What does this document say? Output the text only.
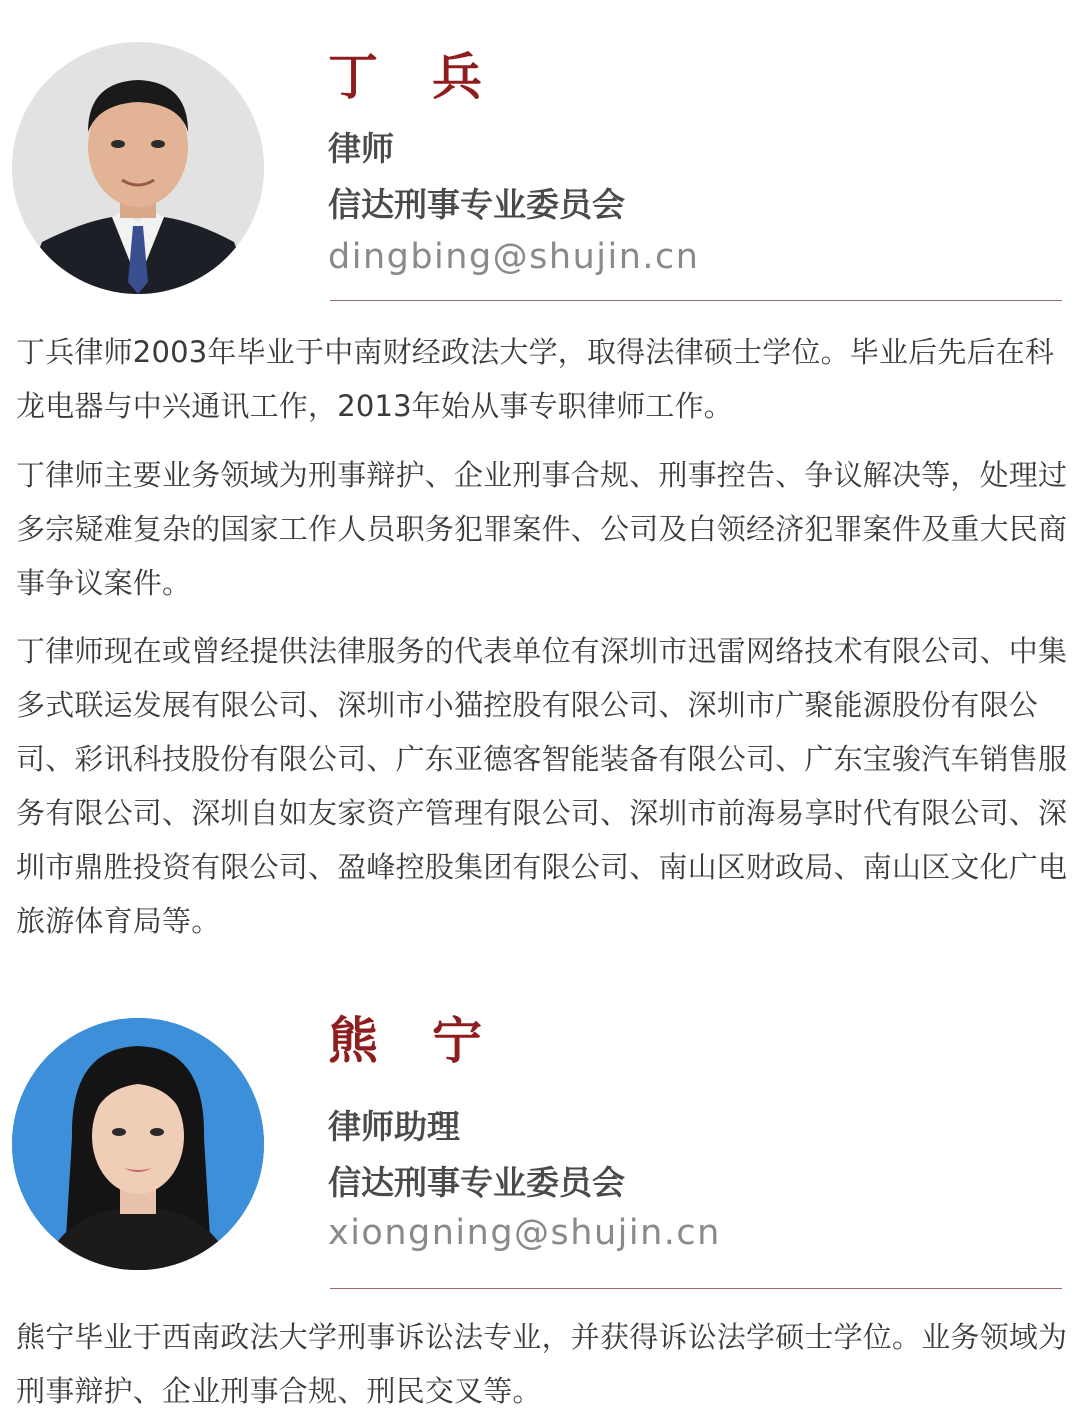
丁兵
律师
信达刑事专业委员会
dingbing@shujin.cn

丁兵律师2003年毕业于中南财经政法大学，取得法律硕士学位。毕业后先后在科龙电器与中兴通讯工作，2013年始从事专职律师工作。

丁律师主要业务领域为刑事辩护、企业刑事合规、刑事控告、争议解决等，处理过多宗疑难复杂的国家工作人员职务犯罪案件、公司及白领经济犯罪案件及重大民商事争议案件。

丁律师现在或曾经提供法律服务的代表单位有深圳市迅雷网络技术有限公司、中集多式联运发展有限公司、深圳市小猫控股有限公司、深圳市广聚能源股份有限公司、彩讯科技股份有限公司、广东亚德客智能装备有限公司、广东宝骏汽车销售服务有限公司、深圳自如友家资产管理有限公司、深圳市前海易享时代有限公司、深圳市鼎胜投资有限公司、盈峰控股集团有限公司、南山区财政局、南山区文化广电旅游体育局等。

熊宁
律师助理
信达刑事专业委员会
xiongning@shujin.cn

熊宁毕业于西南政法大学刑事诉讼法专业，并获得诉讼法学硕士学位。业务领域为刑事辩护、企业刑事合规、刑民交叉等。
